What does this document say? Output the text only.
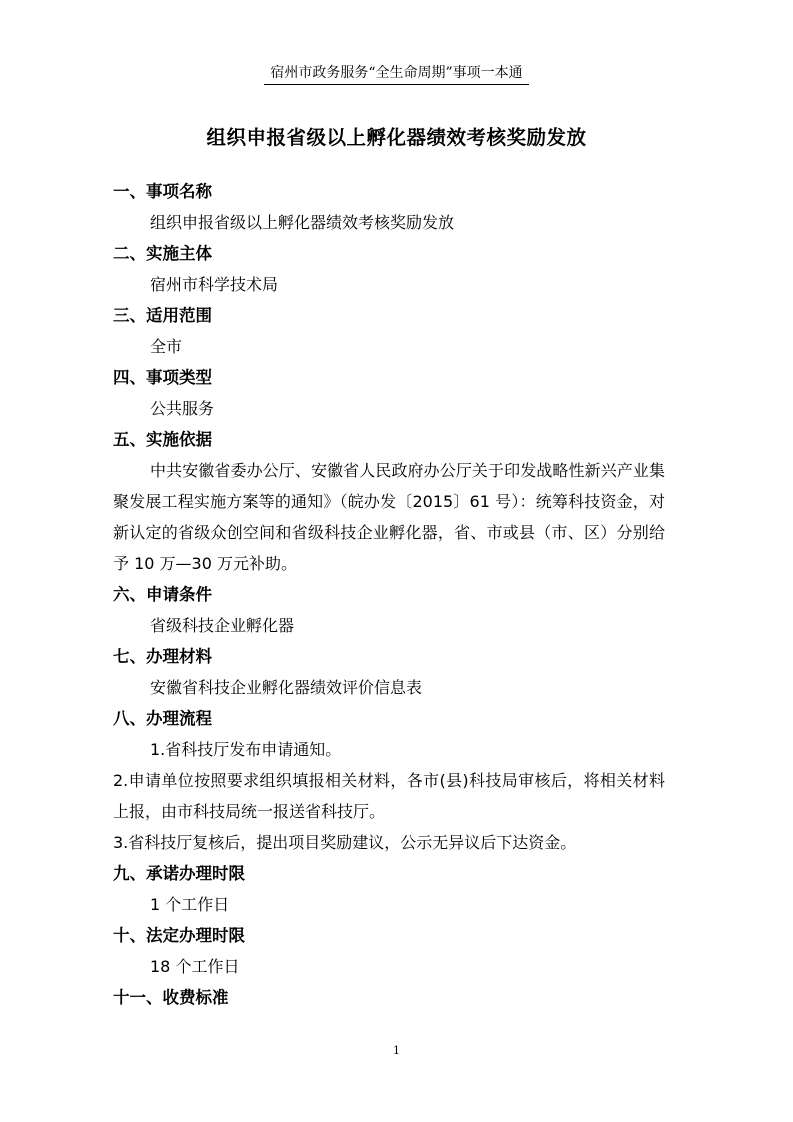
宿州市政务服务“全生命周期”事项一本通
组织申报省级以上孵化器绩效考核奖励发放
一、事项名称
组织申报省级以上孵化器绩效考核奖励发放
二、实施主体
宿州市科学技术局
三、适用范围
全市
四、事项类型
公共服务
五、实施依据
中共安徽省委办公厅、安徽省人民政府办公厅关于印发战略性新兴产业集聚发展工程实施方案等的通知》（皖办发〔2015〕61 号）：统筹科技资金，对新认定的省级众创空间和省级科技企业孵化器，省、市或县（市、区）分别给予 10 万—30 万元补助。
六、申请条件
省级科技企业孵化器
七、办理材料
安徽省科技企业孵化器绩效评价信息表
八、办理流程
1.省科技厅发布申请通知。
2.申请单位按照要求组织填报相关材料，各市(县)科技局审核后，将相关材料上报，由市科技局统一报送省科技厅。
3.省科技厅复核后，提出项目奖励建议，公示无异议后下达资金。
九、承诺办理时限
1 个工作日
十、法定办理时限
18 个工作日
十一、收费标准
1
